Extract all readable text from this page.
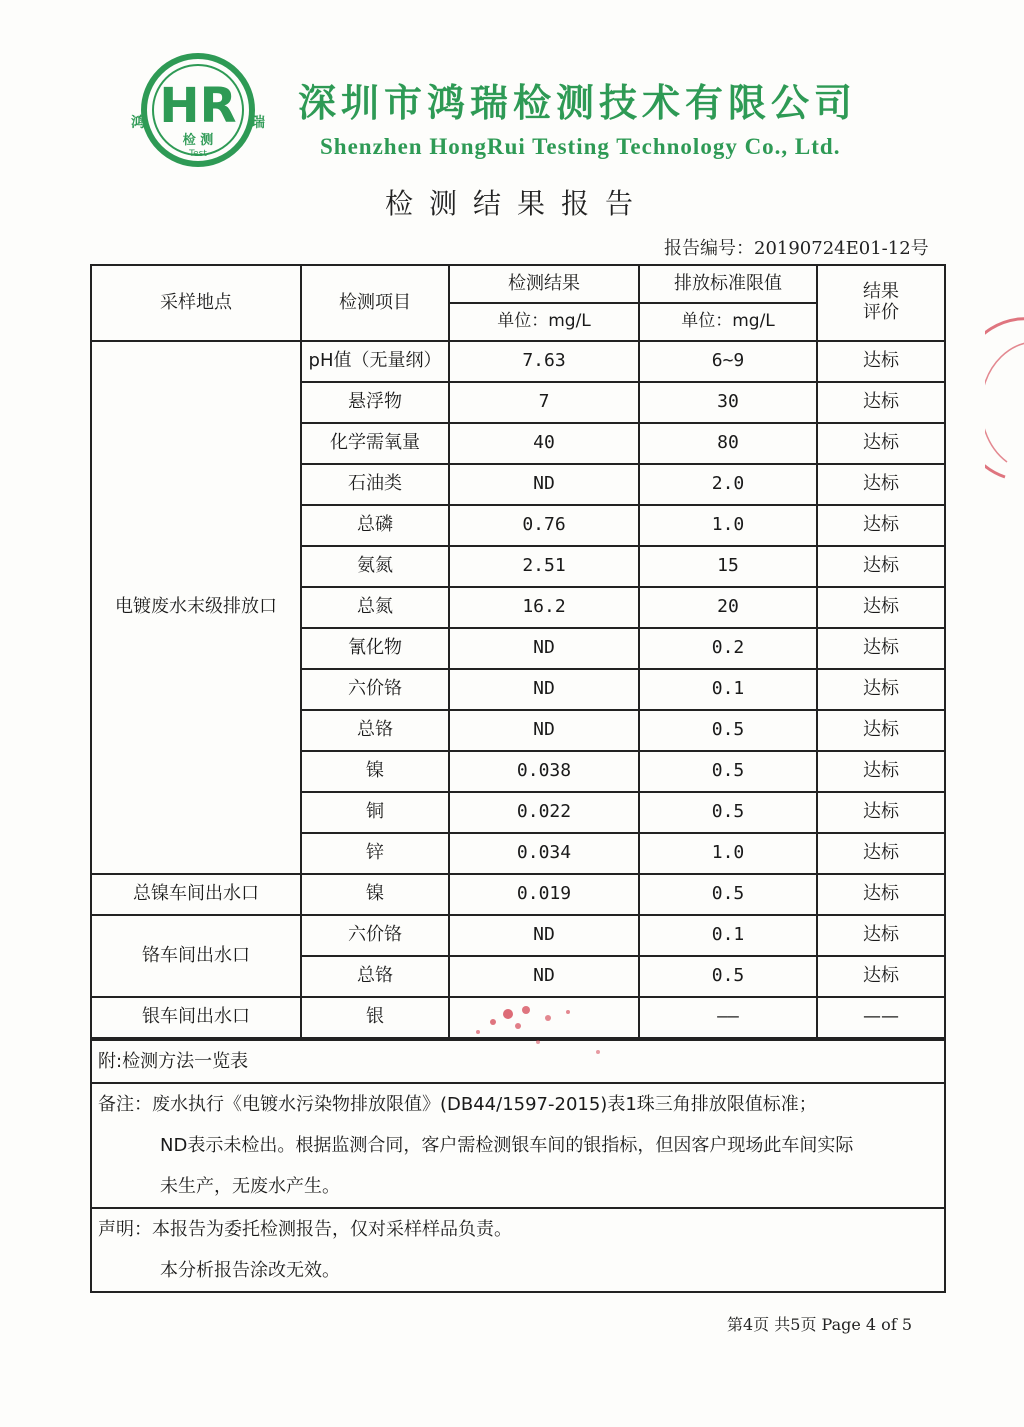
HR
鸿	瑞
检 测
Test
深圳市鸿瑞检测技术有限公司
Shenzhen HongRui Testing Technology Co., Ltd.
检测结果报告
报告编号：20190724E01-12号
采样地点	检测项目	检测结果	排放标准限值	结果
评价
		单位：mg/L	单位：mg/L	
电镀废水末级排放口	pH值（无量纲）	7.63	6~9	达标
	悬浮物	7	30	达标
	化学需氧量	40	80	达标
	石油类	ND	2.0	达标
	总磷	0.76	1.0	达标
	氨氮	2.51	15	达标
	总氮	16.2	20	达标
	氰化物	ND	0.2	达标
	六价铬	ND	0.1	达标
	总铬	ND	0.5	达标
	镍	0.038	0.5	达标
	铜	0.022	0.5	达标
	锌	0.034	1.0	达标
总镍车间出水口	镍	0.019	0.5	达标
铬车间出水口	六价铬	ND	0.1	达标
	总铬	ND	0.5	达标
银车间出水口	银		——	——
附:检测方法一览表

备注：废水执行《电镀水污染物排放限值》(DB44/1597-2015)表1珠三角排放限值标准；
ND表示未检出。根据监测合同，客户需检测银车间的银指标，但因客户现场此车间实际
未生产，无废水产生。

声明：本报告为委托检测报告，仅对采样样品负责。
本分析报告涂改无效。
第4页 共5页 Page 4 of 5
